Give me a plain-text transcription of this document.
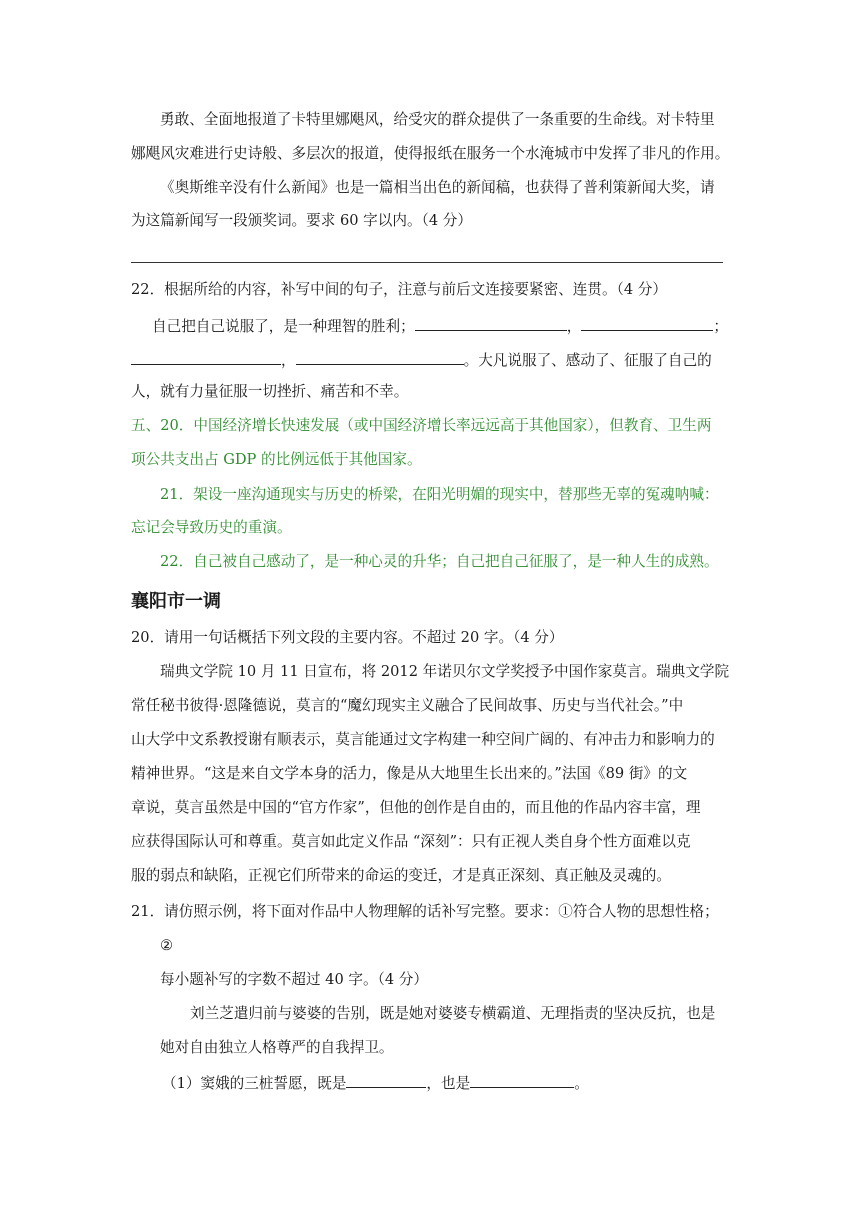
勇敢、全面地报道了卡特里娜飓风，给受灾的群众提供了一条重要的生命线。对卡特里
娜飓风灾难进行史诗般、多层次的报道，使得报纸在服务一个水淹城市中发挥了非凡的作用。
《奥斯维辛没有什么新闻》也是一篇相当出色的新闻稿，也获得了普利策新闻大奖，请
为这篇新闻写一段颁奖词。要求 60 字以内。（4 分）
22．根据所给的内容，补写中间的句子，注意与前后文连接要紧密、连贯。（4 分）
自己把自己说服了，是一种理智的胜利；	，	；
，	。大凡说服了、感动了、征服了自己的
人，就有力量征服一切挫折、痛苦和不幸。
五、20．中国经济增长快速发展（或中国经济增长率远远高于其他国家），但教育、卫生两
项公共支出占 GDP 的比例远低于其他国家。
21．架设一座沟通现实与历史的桥梁，在阳光明媚的现实中，替那些无辜的冤魂呐喊：
忘记会导致历史的重演。
22．自己被自己感动了，是一种心灵的升华；自己把自己征服了，是一种人生的成熟。
襄阳市一调
20．请用一句话概括下列文段的主要内容。不超过 20 字。（4 分）
瑞典文学院 10 月 11 日宣布，将 2012 年诺贝尔文学奖授予中国作家莫言。瑞典文学院
常任秘书彼得·恩隆德说，莫言的“魔幻现实主义融合了民间故事、历史与当代社会。”中
山大学中文系教授谢有顺表示，莫言能通过文字构建一种空间广阔的、有冲击力和影响力的
精神世界。“这是来自文学本身的活力，像是从大地里生长出来的。”法国《89 街》的文
章说，莫言虽然是中国的“官方作家”，但他的创作是自由的，而且他的作品内容丰富，理
应获得国际认可和尊重。莫言如此定义作品 “深刻”：只有正视人类自身个性方面难以克
服的弱点和缺陷，正视它们所带来的命运的变迁，才是真正深刻、真正触及灵魂的。
21．请仿照示例，将下面对作品中人物理解的话补写完整。要求：①符合人物的思想性格；
②
每小题补写的字数不超过 40 字。（4 分）
刘兰芝遣归前与婆婆的告别，既是她对婆婆专横霸道、无理指责的坚决反抗，也是
她对自由独立人格尊严的自我捍卫。
（1）窦娥的三桩誓愿，既是	，也是	。
